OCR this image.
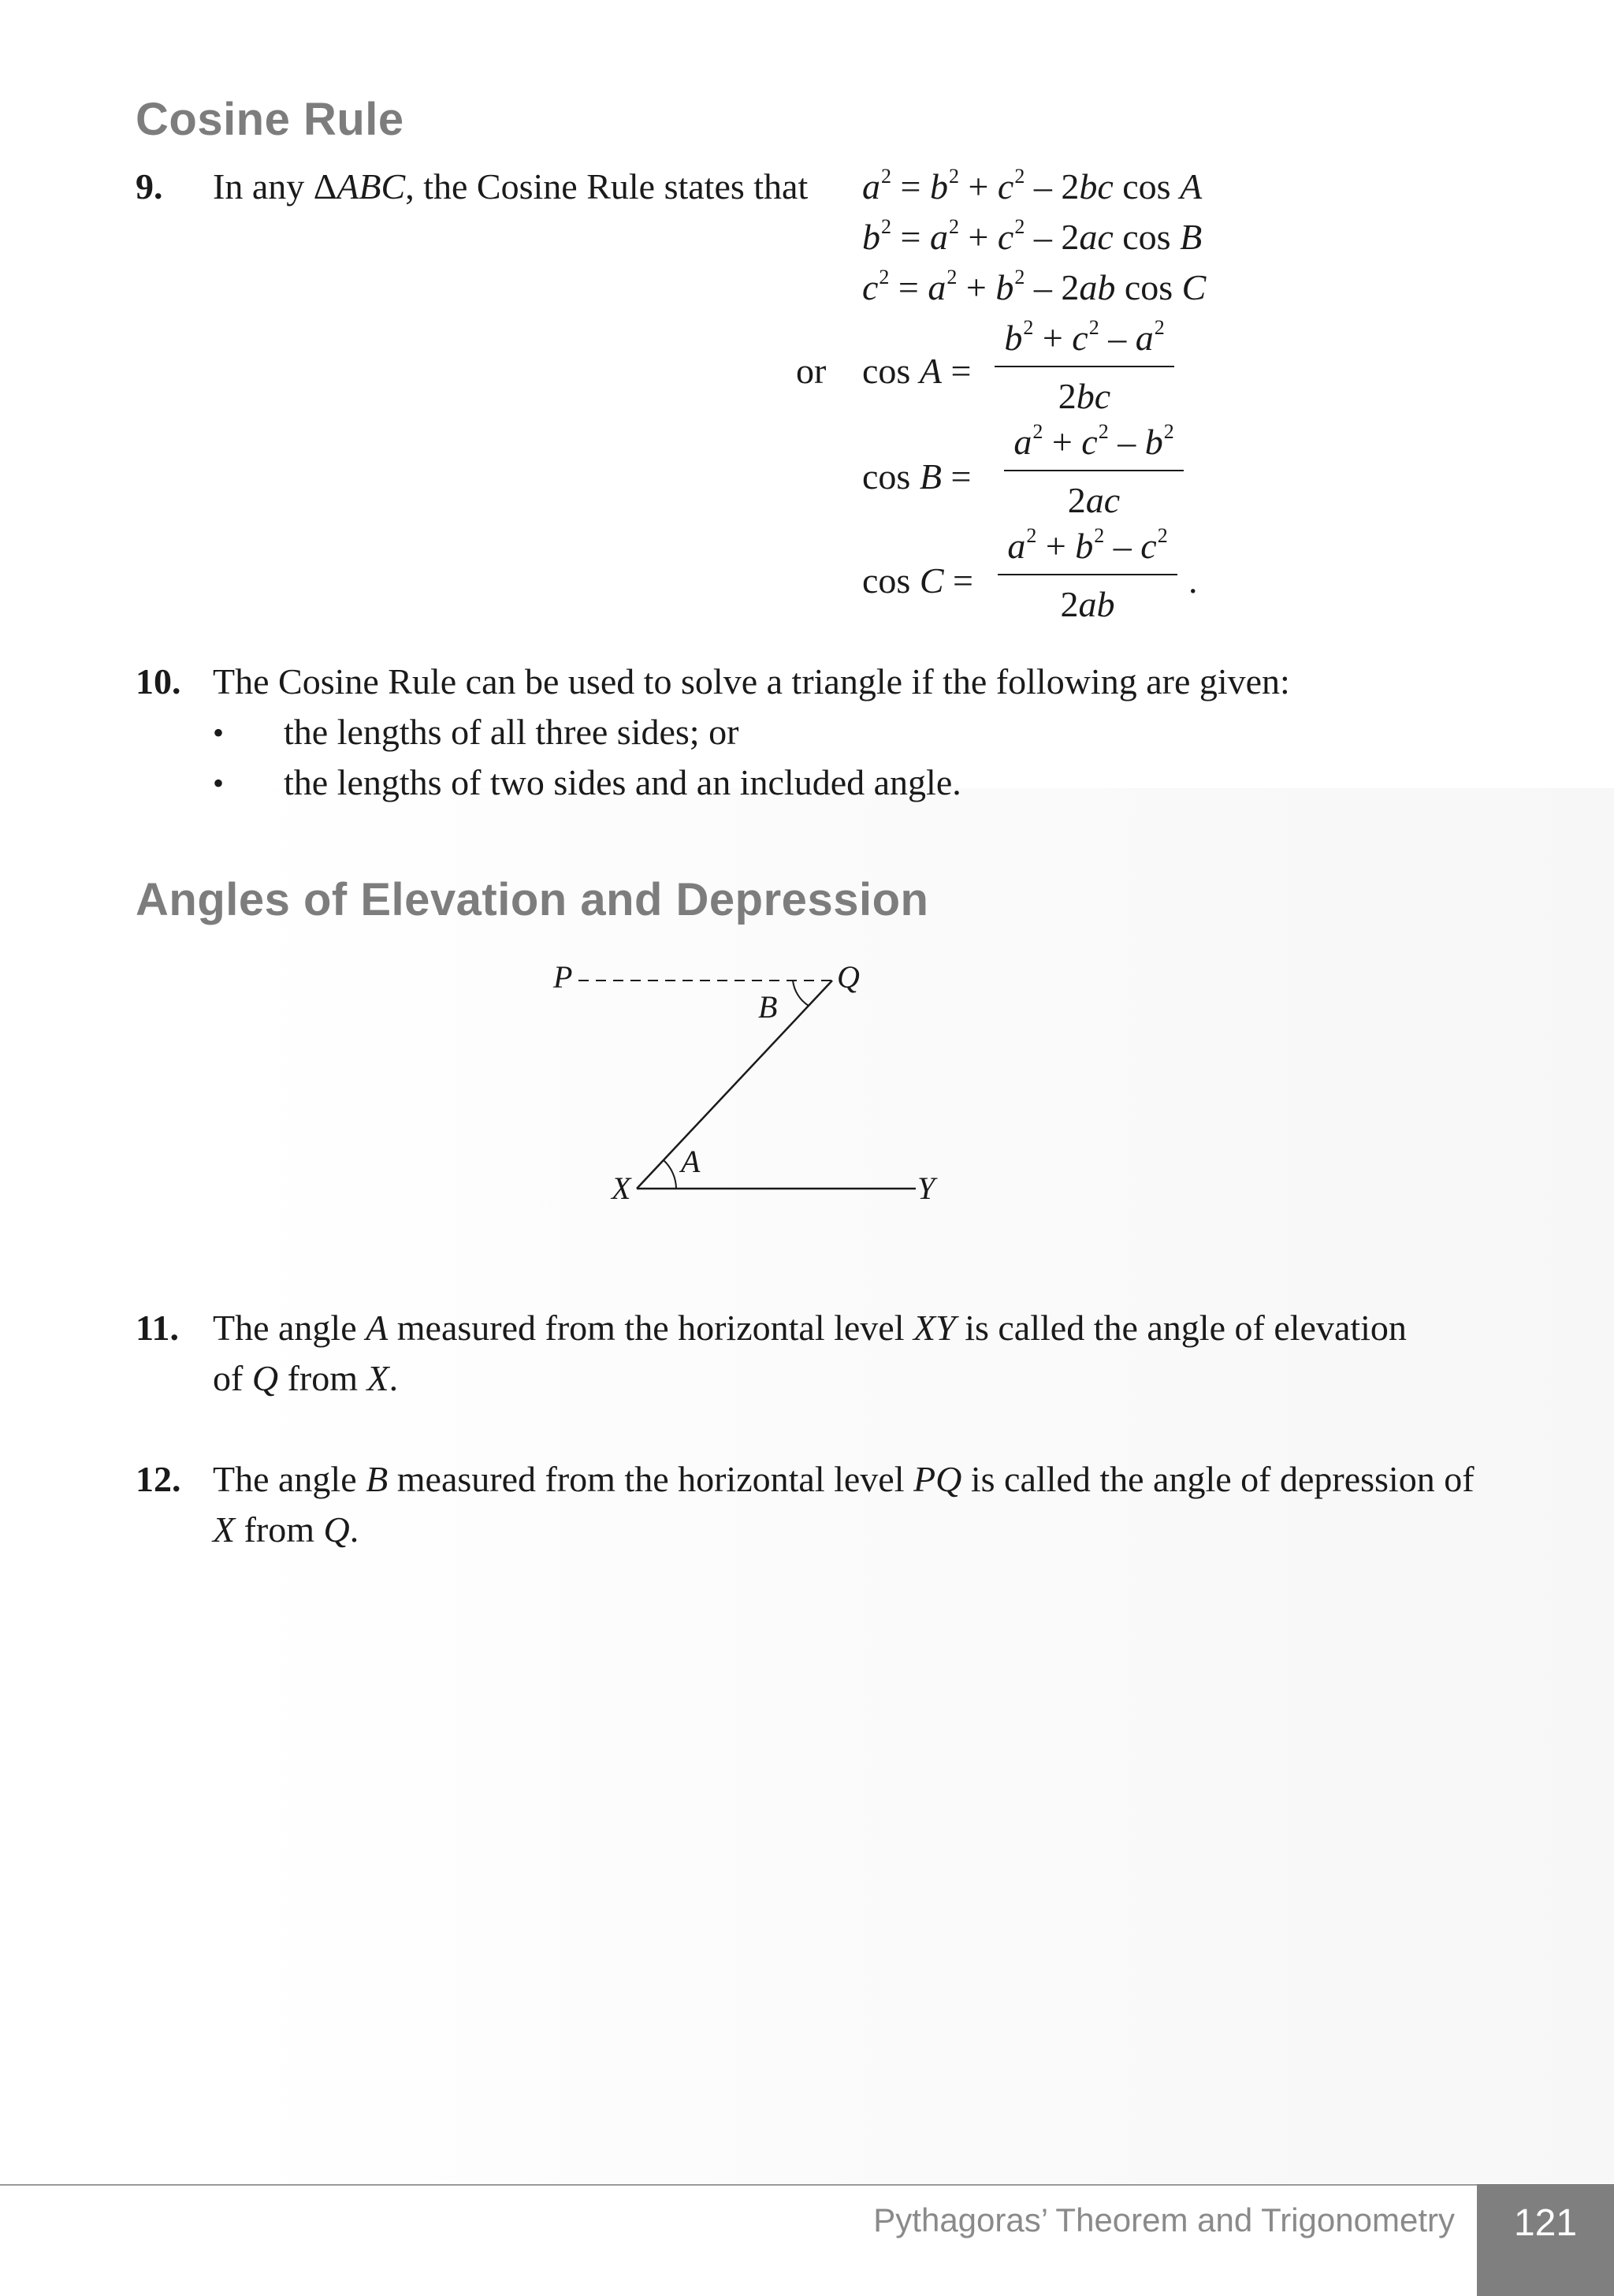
Cosine Rule
9. In any ΔABC, the Cosine Rule states that $a^2 = b^2 + c^2 - 2bc$ cos A
$b^2 = a^2 + c^2 - 2ac$ cos B
$c^2 = a^2 + b^2 - 2ab$ cos C
or cos A =
$b^2 + c^2 - a^2$
2bc
cos B =
$a^2 + c^2 - b^2$
2ac
cos C =
$a^2 + b^2 - c^2$
2ab
.
10. The Cosine Rule can be used to solve a triangle if the following are given:
• the lengths of all three sides; or
• the lengths of two sides and an included angle.
Angles of Elevation and Depression
P	Q
B
A
X	Y
11. The angle A measured from the horizontal level XY is called the angle of elevation
of Q from X.
12. The angle B measured from the horizontal level PQ is called the angle of depression of
X from Q.
Pythagoras’ Theorem and Trigonometry	121
